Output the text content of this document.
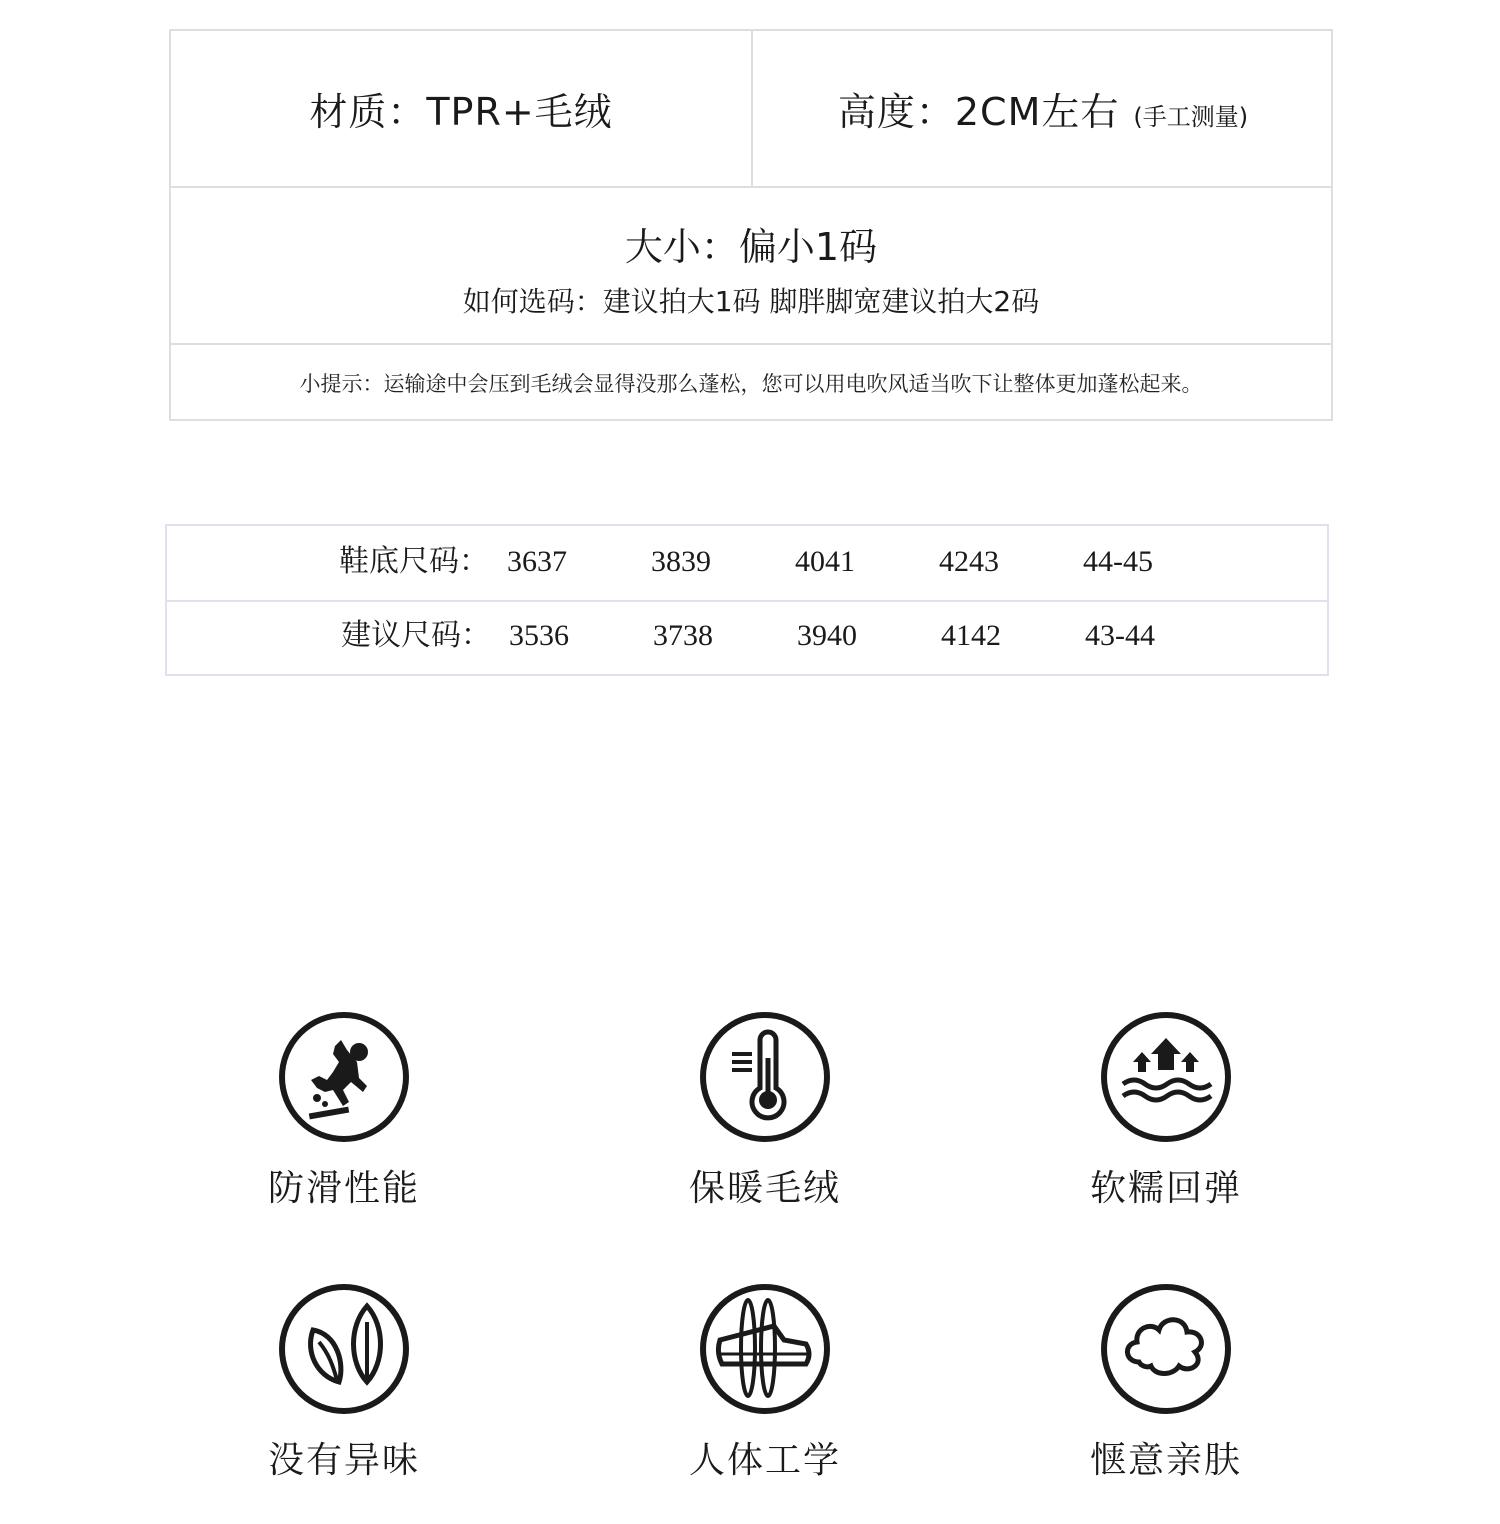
材质：TPR+毛绒	高度：2CM左右 (手工测量)
大小：偏小1码
如何选码：建议拍大1码 脚胖脚宽建议拍大2码
小提示：运输途中会压到毛绒会显得没那么蓬松，您可以用电吹风适当吹下让整体更加蓬松起来。
鞋底尺码： 3637	3839	4041	4243	44-45
建议尺码： 3536	3738	3940	4142	43-44
防滑性能	保暖毛绒	软糯回弹
没有异味	人体工学	惬意亲肤
